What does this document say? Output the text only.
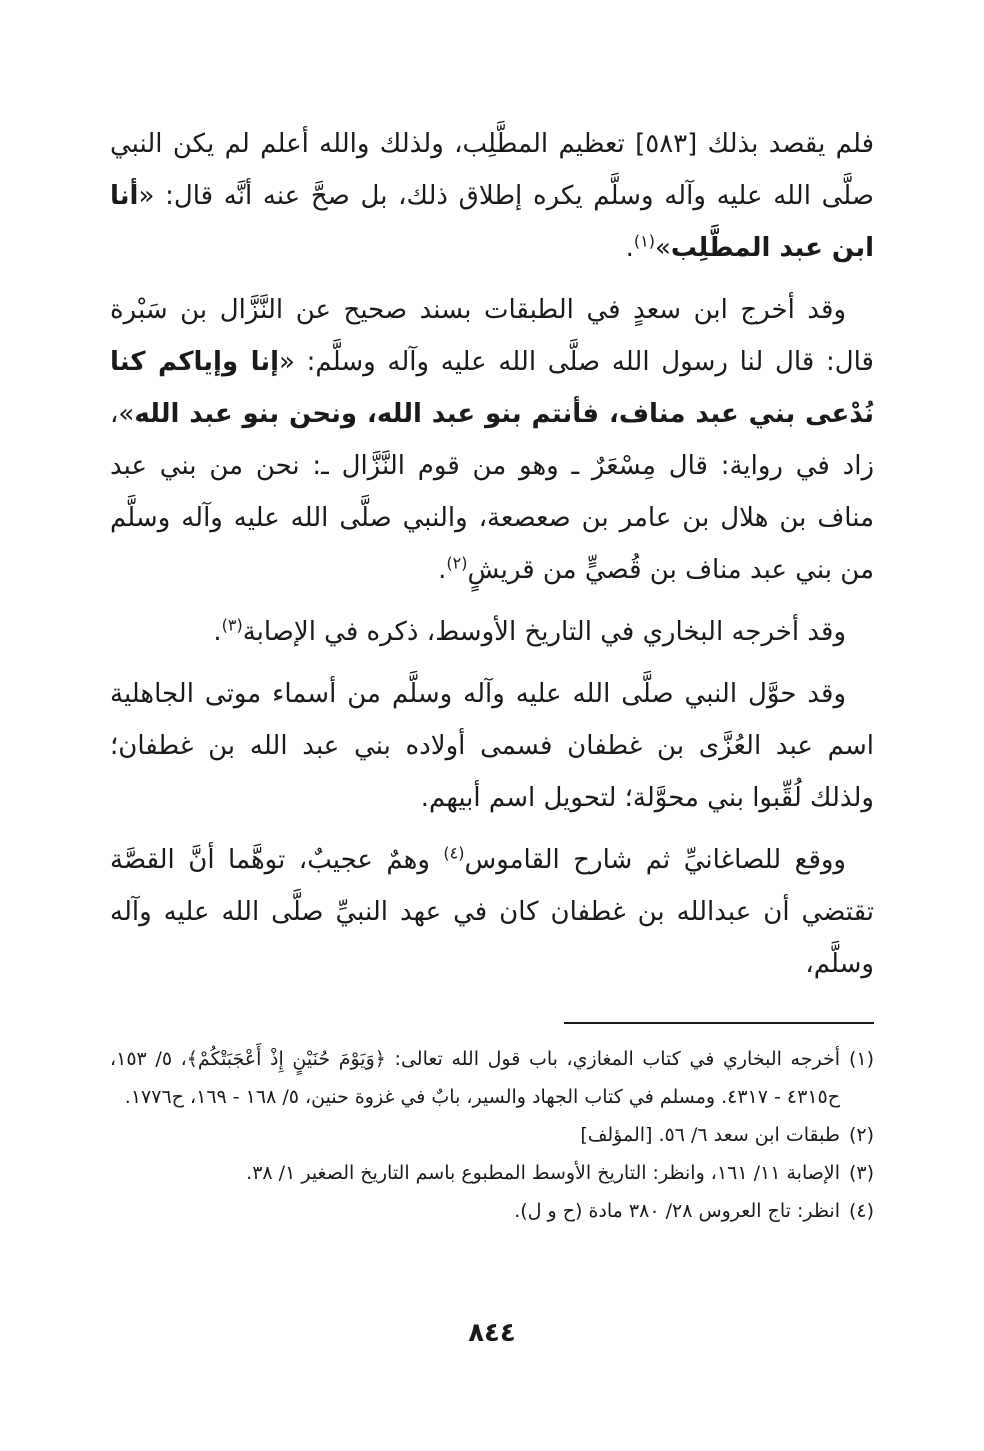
فلم يقصد بذلك [٥٨٣] تعظيم المطَّلِب، ولذلك والله أعلم لم يكن النبي صلَّى الله عليه وآله وسلَّم يكره إطلاق ذلك، بل صحَّ عنه أنَّه قال: «أنا ابن عبد المطَّلِب»$^{(١)}$.

وقد أخرج ابن سعدٍ في الطبقات بسند صحيح عن النَّزَّال بن سَبْرة قال: قال لنا رسول الله صلَّى الله عليه وآله وسلَّم: «إنا وإياكم كنا نُدْعى بني عبد مناف، فأنتم بنو عبد الله، ونحن بنو عبد الله»، زاد في رواية: قال مِسْعَرٌ ـ وهو من قوم النَّزَّال ـ: نحن من بني عبد مناف بن هلال بن عامر بن صعصعة، والنبي صلَّى الله عليه وآله وسلَّم من بني عبد مناف بن قُصيٍّ من قريشٍ$^{(٢)}$.

وقد أخرجه البخاري في التاريخ الأوسط، ذكره في الإصابة$^{(٣)}$.

وقد حوَّل النبي صلَّى الله عليه وآله وسلَّم من أسماء موتى الجاهلية اسم عبد العُزَّى بن غطفان فسمى أولاده بني عبد الله بن غطفان؛ ولذلك لُقِّبوا بني محوَّلة؛ لتحويل اسم أبيهم.

ووقع للصاغانيِّ ثم شارح القاموس$^{(٤)}$ وهمٌ عجيبٌ، توهَّما أنَّ القصَّة تقتضي أن عبدالله بن غطفان كان في عهد النبيِّ صلَّى الله عليه وآله وسلَّم،

(١)
أخرجه البخاري في كتاب المغازي، باب قول الله تعالى: ﴿وَيَوْمَ حُنَيْنٍ إِذْ أَعْجَبَتْكُمْ﴾، ٥/ ١٥٣، ح٤٣١٥ - ٤٣١٧. ومسلم في كتاب الجهاد والسير، بابٌ في غزوة حنين، ٥/ ١٦٨ - ١٦٩، ح١٧٧٦.

(٢)
طبقات ابن سعد ٦/ ٥٦. [المؤلف]

(٣)
الإصابة ١١/ ١٦١، وانظر: التاريخ الأوسط المطبوع باسم التاريخ الصغير ١/ ٣٨.

(٤)
انظر: تاج العروس ٢٨/ ٣٨٠ مادة (ح و ل).

٨٤٤
